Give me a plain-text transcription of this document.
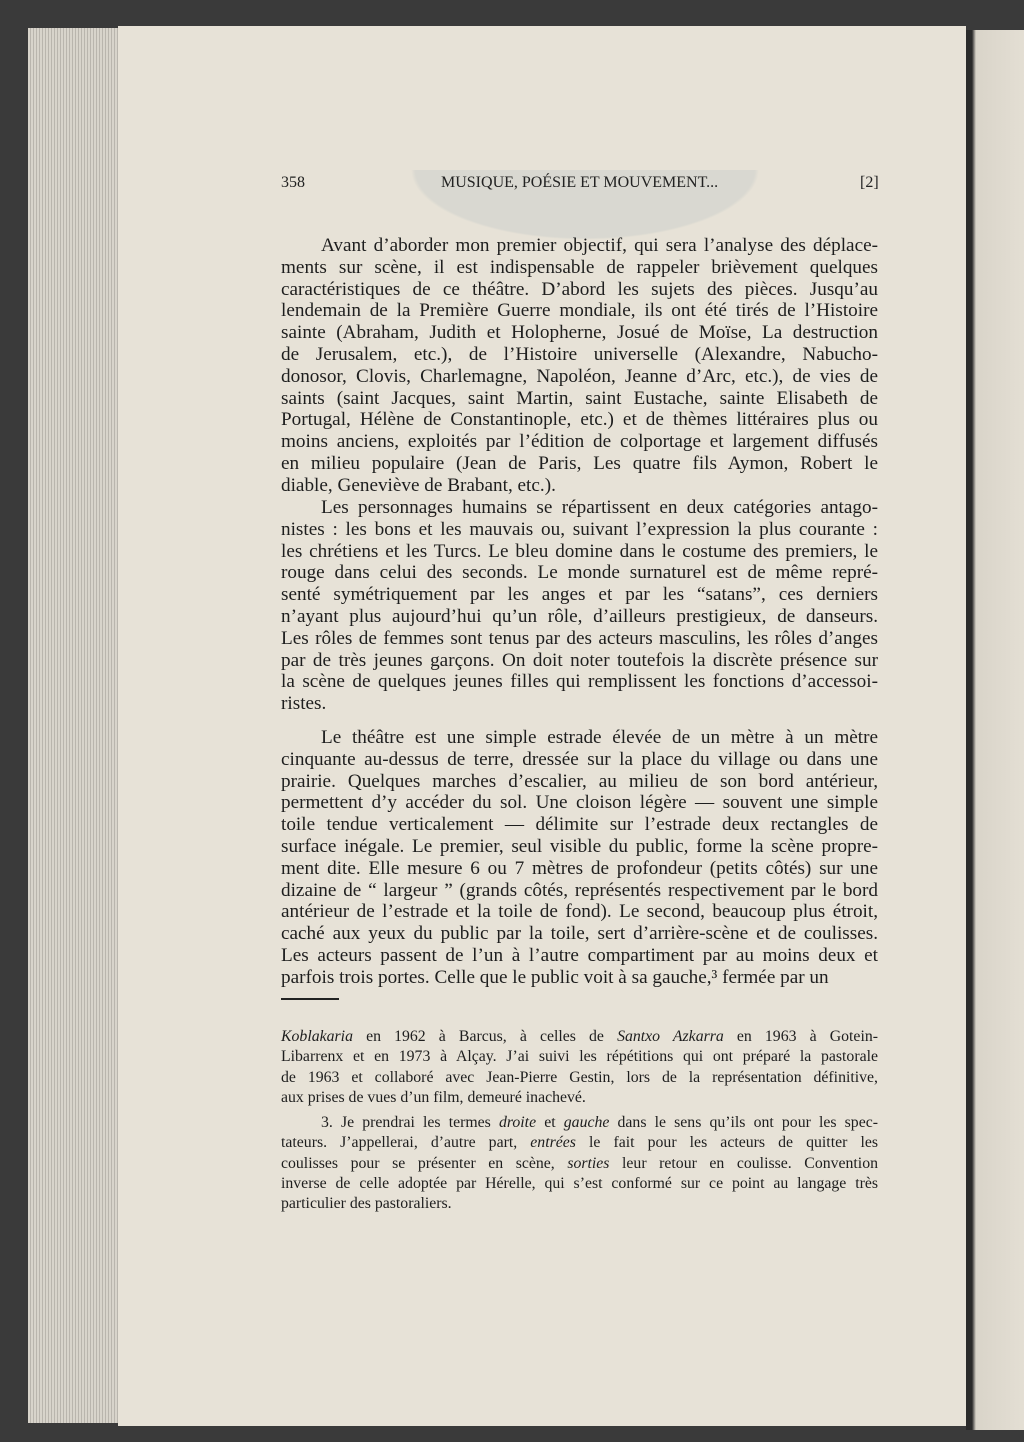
358	MUSIQUE, POÉSIE ET MOUVEMENT...	[2]
Avant d’aborder mon premier objectif, qui sera l’analyse des déplace-
ments sur scène, il est indispensable de rappeler brièvement quelques
caractéristiques de ce théâtre. D’abord les sujets des pièces. Jusqu’au
lendemain de la Première Guerre mondiale, ils ont été tirés de l’Histoire
sainte (Abraham, Judith et Holopherne, Josué de Moïse, La destruction
de Jerusalem, etc.), de l’Histoire universelle (Alexandre, Nabucho-
donosor, Clovis, Charlemagne, Napoléon, Jeanne d’Arc, etc.), de vies de
saints (saint Jacques, saint Martin, saint Eustache, sainte Elisabeth de
Portugal, Hélène de Constantinople, etc.) et de thèmes littéraires plus ou
moins anciens, exploités par l’édition de colportage et largement diffusés
en milieu populaire (Jean de Paris, Les quatre fils Aymon, Robert le
diable, Geneviève de Brabant, etc.).
Les personnages humains se répartissent en deux catégories antago-
nistes : les bons et les mauvais ou, suivant l’expression la plus courante :
les chrétiens et les Turcs. Le bleu domine dans le costume des premiers, le
rouge dans celui des seconds. Le monde surnaturel est de même repré-
senté symétriquement par les anges et par les “satans”, ces derniers
n’ayant plus aujourd’hui qu’un rôle, d’ailleurs prestigieux, de danseurs.
Les rôles de femmes sont tenus par des acteurs masculins, les rôles d’anges
par de très jeunes garçons. On doit noter toutefois la discrète présence sur
la scène de quelques jeunes filles qui remplissent les fonctions d’accessoi-
ristes.
Le théâtre est une simple estrade élevée de un mètre à un mètre
cinquante au-dessus de terre, dressée sur la place du village ou dans une
prairie. Quelques marches d’escalier, au milieu de son bord antérieur,
permettent d’y accéder du sol. Une cloison légère — souvent une simple
toile tendue verticalement — délimite sur l’estrade deux rectangles de
surface inégale. Le premier, seul visible du public, forme la scène propre-
ment dite. Elle mesure 6 ou 7 mètres de profondeur (petits côtés) sur une
dizaine de “ largeur ” (grands côtés, représentés respectivement par le bord
antérieur de l’estrade et la toile de fond). Le second, beaucoup plus étroit,
caché aux yeux du public par la toile, sert d’arrière-scène et de coulisses.
Les acteurs passent de l’un à l’autre compartiment par au moins deux et
parfois trois portes. Celle que le public voit à sa gauche,³ fermée par un
Koblakaria en 1962 à Barcus, à celles de Santxo Azkarra en 1963 à Gotein-
Libarrenx et en 1973 à Alçay. J’ai suivi les répétitions qui ont préparé la pastorale
de 1963 et collaboré avec Jean-Pierre Gestin, lors de la représentation définitive,
aux prises de vues d’un film, demeuré inachevé.
3. Je prendrai les termes droite et gauche dans le sens qu’ils ont pour les spec-
tateurs. J’appellerai, d’autre part, entrées le fait pour les acteurs de quitter les
coulisses pour se présenter en scène, sorties leur retour en coulisse. Convention
inverse de celle adoptée par Hérelle, qui s’est conformé sur ce point au langage très
particulier des pastoraliers.
